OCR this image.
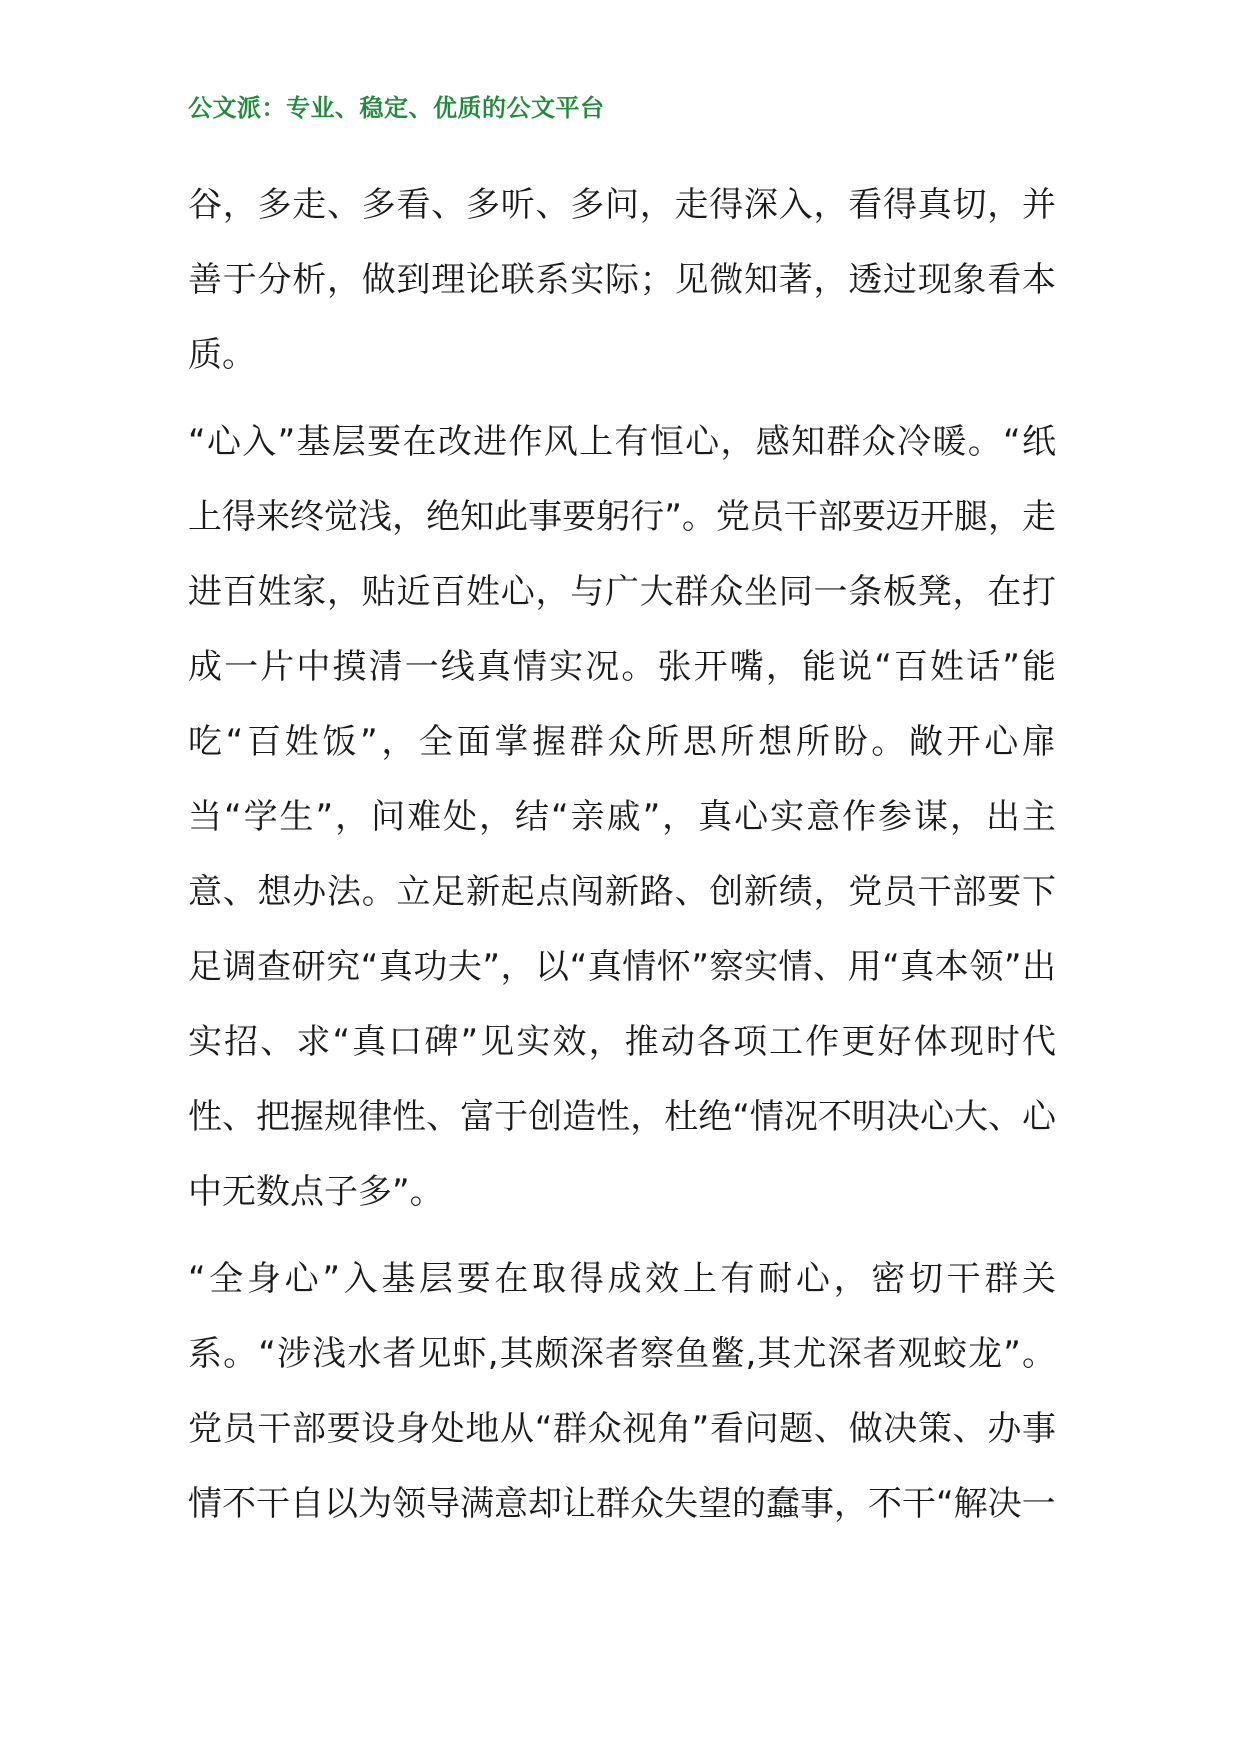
公文派：专业、稳定、优质的公文平台

谷，多走、多看、多听、多问，走得深入，看得真切，并善于分析，做到理论联系实际；见微知著，透过现象看本质。

“心入”基层要在改进作风上有恒心，感知群众冷暖。“纸上得来终觉浅，绝知此事要躬行”。党员干部要迈开腿，走进百姓家，贴近百姓心，与广大群众坐同一条板凳，在打成一片中摸清一线真情实况。张开嘴，能说“百姓话”能吃“百姓饭”，全面掌握群众所思所想所盼。敞开心扉当“学生”，问难处，结“亲戚”，真心实意作参谋，出主意、想办法。立足新起点闯新路、创新绩，党员干部要下足调查研究“真功夫”，以“真情怀”察实情、用“真本领”出实招、求“真口碑”见实效，推动各项工作更好体现时代性、把握规律性、富于创造性，杜绝“情况不明决心大、心中无数点子多”。

“全身心”入基层要在取得成效上有耐心，密切干群关系。“涉浅水者见虾,其颇深者察鱼鳖,其尤深者观蛟龙”。党员干部要设身处地从“群众视角”看问题、做决策、办事情不干自以为领导满意却让群众失望的蠢事，不干“解决一
